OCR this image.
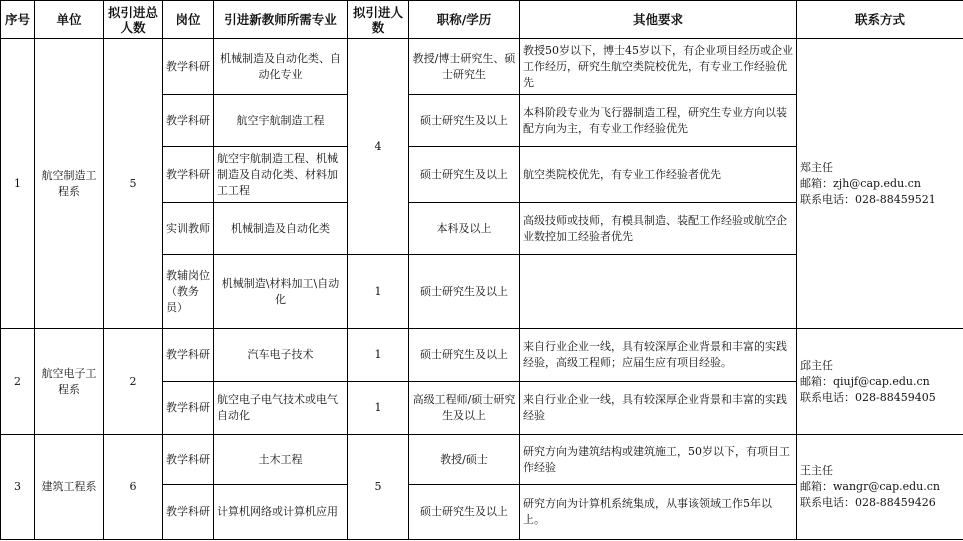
序号	单位	拟引进总人数	岗位	引进新教师所需专业	拟引进人数	职称/学历	其他要求	联系方式
1	航空制造工程系	5	教学科研	机械制造及自动化类、自动化专业	4	教授/博士研究生、硕士研究生	教授50岁以下，博士45岁以下，有企业项目经历或企业工作经历，研究生航空类院校优先，有专业工作经验优先	郑主任
邮箱：zjh@cap.edu.cn
联系电话：028-88459521

			教学科研	航空宇航制造工程		硕士研究生及以上	本科阶段专业为飞行器制造工程，研究生专业方向以装配方向为主，有专业工作经验优先	
			教学科研	航空宇航制造工程、机械制造及自动化类、材料加工工程		硕士研究生及以上	航空类院校优先，有专业工作经验者优先	
			实训教师	机械制造及自动化类		本科及以上	高级技师或技师，有模具制造、装配工作经验或航空企业数控加工经验者优先	
			教辅岗位（教务员）	机械制造\材料加工\自动化	1	硕士研究生及以上		
2	航空电子工程系	2	教学科研	汽车电子技术	1	硕士研究生及以上	来自行业企业一线，具有较深厚企业背景和丰富的实践经验，高级工程师；应届生应有项目经验。	邱主任
邮箱：qiujf@cap.edu.cn
联系电话：028-88459405

			教学科研	航空电子电气技术或电气自动化	1	高级工程师/硕士研究生及以上	来自行业企业一线，具有较深厚企业背景和丰富的实践经验	
3	建筑工程系	6	教学科研	土木工程	5	教授/硕士	研究方向为建筑结构或建筑施工，50岁以下，有项目工作经验	王主任
邮箱：wangr@cap.edu.cn
联系电话：028-88459426

			教学科研	计算机网络或计算机应用		硕士研究生及以上	研究方向为计算机系统集成，从事该领域工作5年以上。	
